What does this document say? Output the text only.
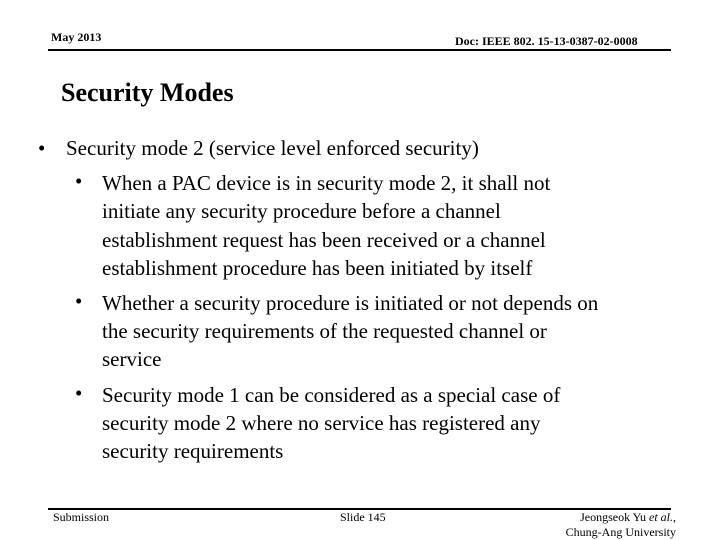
May 2013	Doc: IEEE 802. 15-13-0387-02-0008
Security Modes
• Security mode 2 (service level enforced security)
• When a PAC device is in security mode 2, it shall not
initiate any security procedure before a channel
establishment request has been received or a channel
establishment procedure has been initiated by itself
• Whether a security procedure is initiated or not depends on
the security requirements of the requested channel or
service
• Security mode 1 can be considered as a special case of
security mode 2 where no service has registered any
security requirements
Submission	Slide 145	Jeongseok Yu et al.,
Chung-Ang University
